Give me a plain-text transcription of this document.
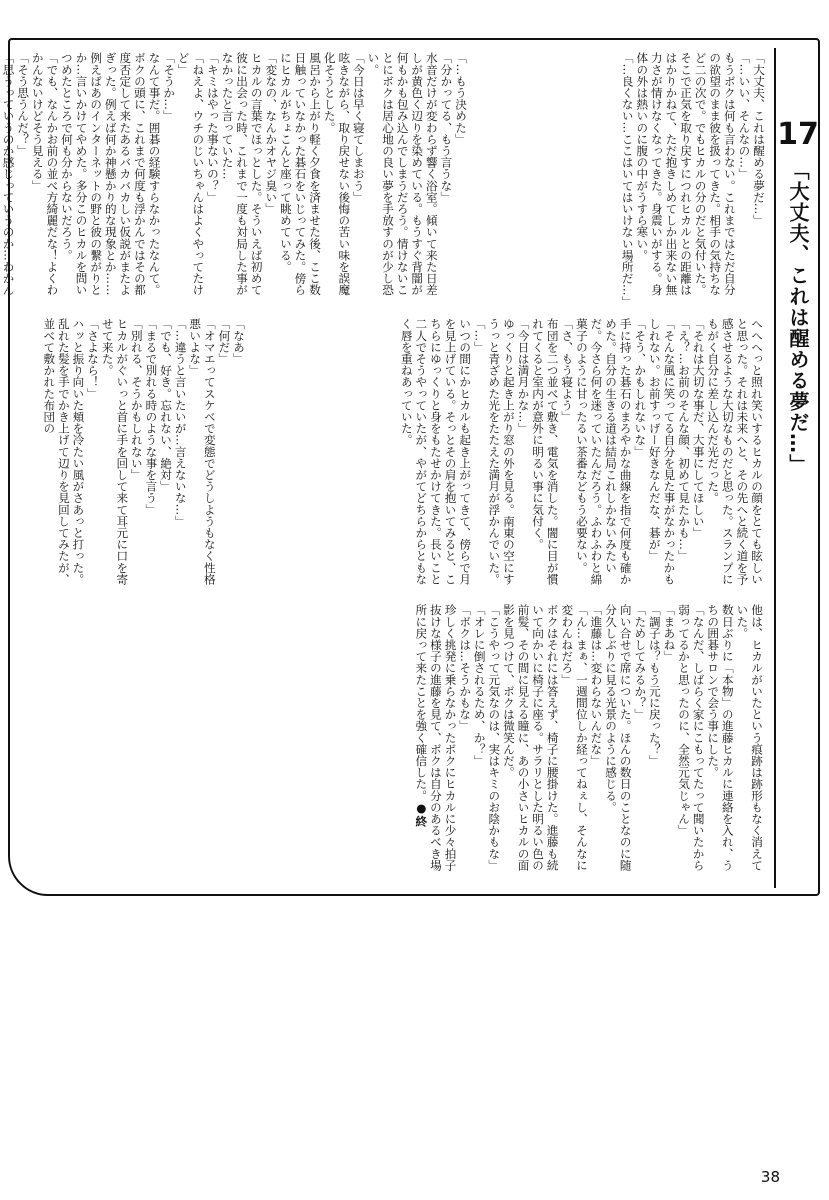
17
「大丈夫、これは醒める夢だ…」

「大丈夫、これは醒める夢だ…」

「…いい、そんなの…」

もうボクは何も言わない。これまではただ自分の欲望のまま彼を扱ってきた。相手の気持ちなど二の次で。でもヒカルの分のだと気付いた。そこで正気を取り戻すにつれヒカルとの距離ははかりかねて、ただ抱きしめてしか出来ない無力さが情けなくなってきた。身震いがする。身体の外は熱いのに腹の中がうすら寒い。

「…良くない…ここはいてはいけない場所だ…」

「…もう決めた」

「分かってる、もう言うな」

水音だけが変わらず響く浴室。傾いて来た日差しが黄色く辺りを染めている。もうすぐ背闇が何もかも包み込んでしまうだろう。情けないことにボクは居心地の良い夢を手放すのが少し恐い。

「今日は早く寝てしまおう」

呟きながら、取り戻せない後悔の苦い味を誤魔化そうとした。

風呂から上がり軽く夕食を済ませた後、ここ数日触っていなかった碁石をいじってみた。傍らにヒカルがちょこんと座って眺めている。

「変なの、なんかオヤジ臭い」

ヒカルの言葉でほっとした。そういえば初めて彼に出会った時、これまで一度も対局した事がなかったと言っていた…

「キミはやった事ないの？」

「ねえよ、ウチのじいちゃんはよくやってたけど」

「そうか…」

なんて事だ。囲碁の経験すらなかったなんて。ボクの頭に、これまで何度も浮かんではその都度否定して来たあるバカバカしい仮説がまたよぎった。例えば何か神懸かり的な現象とか……例えばあのインターネットの野と彼の繋がりとか…言いかけてやめた。多分このヒカルを問いつめたところで何も分からないだろう。

「でも、なんかお前の並べ方綺麗だな！よくわかんないけどそう見える」

「そう思うんだ？」

「思うっていうのか感じっていうのか…わかん

へへへっと照れ笑いするヒカルの顔をとても眩しいと思った。それは未来へと、その先へと続く道を予感させるような大切なものだと思った。スランプにもがく自分に差し込んだ光だった。

「それは大切な事だ、大事にしてほしい」

「え？…お前のそんな顔、初めて見たかも…」

「そんな風に笑ってる自分を見た事がなかったかもしれない。お前すっげー好きなんだな、碁が」

「そう、かもしれないな」

手に持った碁石のまろやかな曲線を指で何度も確かめた。自分の生きる道は結局これしかないみたいだ。今さら何を迷っていたんだろう。ふわふわと綿菓子のように甘ったるい茶番などもう必要ない。

「さ、もう寝よう」

布団を二つ並べて敷き、電気を消した。闇に目が慣れてくると室内が意外に明るい事に気付く。

「今日は満月かな…」

ゆっくりと起き上がり窓の外を見る。南東の空にすうっと青ざめた光をたたえた満月が浮かんでいた。

「…」

いつの間にかヒカルも起き上がってきて、傍らで月を見上げている。そっとその肩を抱いてみると、こちらにゆっくりと身をもたせかけてきた。長いこと二人でそうやっていたが、やがてどちらからともなく唇を重ねあっていた。

「なあ」

「何だ」

「オマエってスケベで変態でどうしようもなく性格悪いよな」

「…違うと言いたいが…言えないな…」

「でも、好き。忘れない、絶対」

「まるで別れる時のような事を言う」

「別れる、そうかもしれない」

ヒカルがぐいっと首に手を回して来て耳元に口を寄せて来た。

「さよなら！」

ハッと振り向いた頬を冷たい風がさあっと打った。乱れた髪を手でかき上げて辺りを見回してみたが、並べて敷かれた布団の

他は、ヒカルがいたという痕跡は跡形もなく消えていた。

数日ぶりに「本物」の進藤ヒカルに連絡を入れ、うちの囲碁サロンで会う事にした。

「なんだ、しばらく家にこもってたって聞いたから弱ってるかと思ったのに、全然元気じゃん」

「まあね」

「調子は？もう元に戻った？」

「ためしてみるか？」

向い合せで席についた。ほんの数日のことなのに随分久しぶりに見る光景のように感じる。

「進藤は…変わらないんだな」

「ん…まぁ、一週間位しか経ってねぇし、そんなに変わんねだろ」

ボクはそれには答えず、椅子に腰掛けた。進藤も続いて向かいに椅子に座る。サラリとした明るい色の前髪、その間に見える瞳に、あの小さいヒカルの面影を見つけて、ボクは微笑んだ。

「こうやって元気なのは、実はキミのお陰かもな」

「オレに倒されるため、か？」

「ボクは…そうかもな」

珍しく挑発に乗らなかったボクにヒカルに少々拍子抜けな様子の進藤を見て、ボクは自分のあるべき場所に戻って来たことを強く確信した。●終

38
